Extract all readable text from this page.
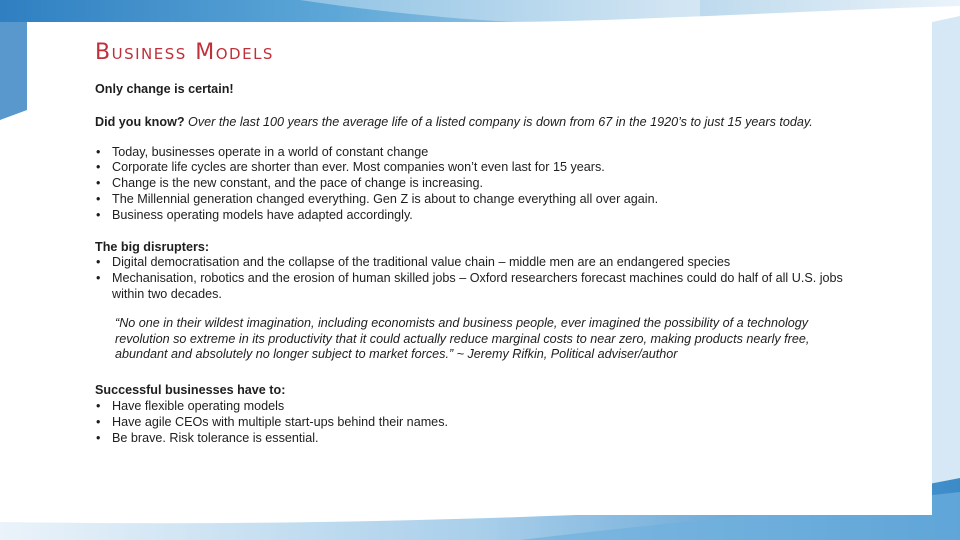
Business Models

Only change is certain!

Did you know? Over the last 100 years the average life of a listed company is down from 67 in the 1920’s to just 15 years today.

• Today, businesses operate in a world of constant change
• Corporate life cycles are shorter than ever. Most companies won’t even last for 15 years.
• Change is the new constant, and the pace of change is increasing.
• The Millennial generation changed everything. Gen Z is about to change everything all over again.
• Business operating models have adapted accordingly.

The big disrupters:

• Digital democratisation and the collapse of the traditional value chain – middle men are an endangered species
• Mechanisation, robotics and the erosion of human skilled jobs – Oxford researchers forecast machines could do half of all U.S. jobs within two decades.

“No one in their wildest imagination, including economists and business people, ever imagined the possibility of a technology revolution so extreme in its productivity that it could actually reduce marginal costs to near zero, making products nearly free, abundant and absolutely no longer subject to market forces.” ~ Jeremy Rifkin, Political adviser/author

Successful businesses have to:

• Have flexible operating models
• Have agile CEOs with multiple start-ups behind their names.
• Be brave. Risk tolerance is essential.
